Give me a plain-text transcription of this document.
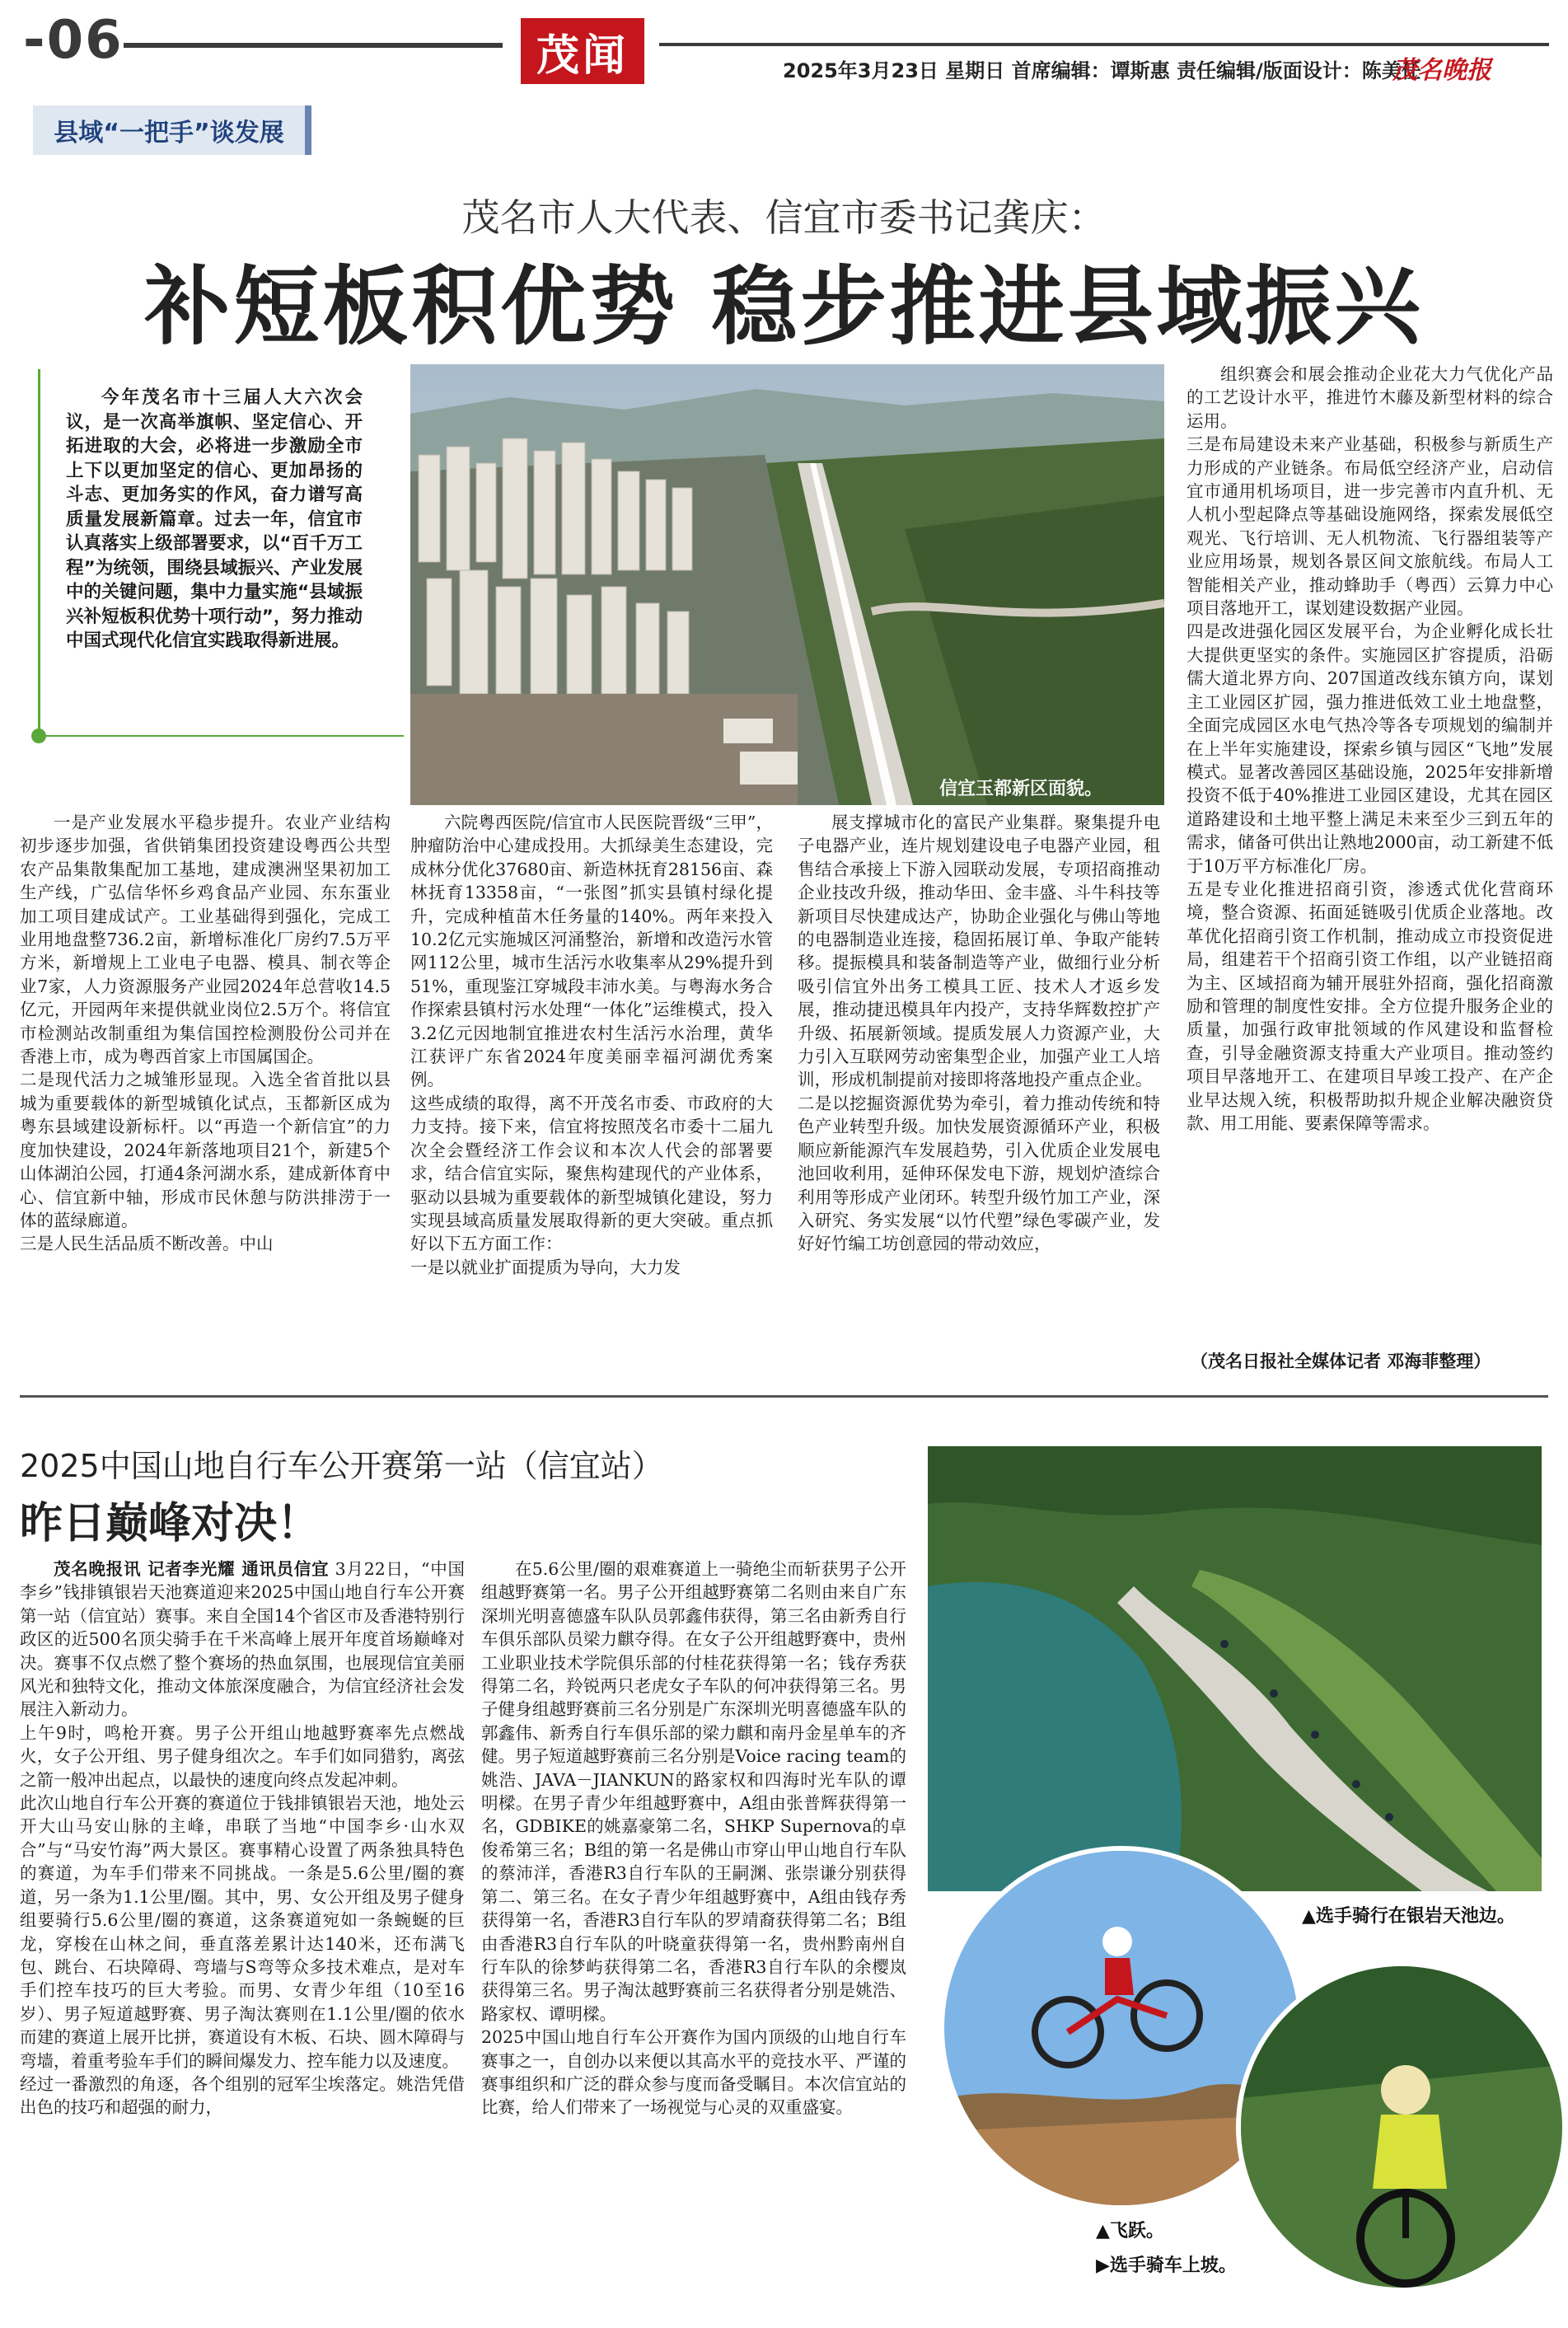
-06	茂闻	2025年3月23日 星期日 首席编辑：谭斯惠 责任编辑/版面设计：陈美任
茂名晚报
县域“一把手”谈发展
茂名市人大代表、信宜市委书记龚庆：
补短板积优势 稳步推进县域振兴
今年茂名市十三届人大六次会议，是一次高举旗帜、坚定信心、开拓进取的大会，必将进一步激励全市上下以更加坚定的信心、更加昂扬的斗志、更加务实的作风，奋力谱写高质量发展新篇章。过去一年，信宜市认真落实上级部署要求，以“百千万工程”为统领，围绕县域振兴、产业发展中的关键问题，集中力量实施“县域振兴补短板积优势十项行动”，努力推动中国式现代化信宜实践取得新进展。
信宜玉都新区面貌。
一是产业发展水平稳步提升。农业产业结构初步逐步加强，省供销集团投资建设粤西公共型农产品集散集配加工基地，建成澳洲坚果初加工生产线，广弘信华怀乡鸡食品产业园、东东蛋业加工项目建成试产。工业基础得到强化，完成工业用地盘整736.2亩，新增标准化厂房约7.5万平方米，新增规上工业电子电器、模具、制衣等企业7家，人力资源服务产业园2024年总营收14.5亿元，开园两年来提供就业岗位2.5万个。将信宜市检测站改制重组为集信国控检测股份公司并在香港上市，成为粤西首家上市国属国企。
二是现代活力之城雏形显现。入选全省首批以县城为重要载体的新型城镇化试点，玉都新区成为粤东县域建设新标杆。以“再造一个新信宜”的力度加快建设，2024年新落地项目21个，新建5个山体湖泊公园，打通4条河湖水系，建成新体育中心、信宜新中轴，形成市民休憩与防洪排涝于一体的蓝绿廊道。
三是人民生活品质不断改善。中山
六院粤西医院/信宜市人民医院晋级“三甲”，肿瘤防治中心建成投用。大抓绿美生态建设，完成林分优化37680亩、新造林抚育28156亩、森林抚育13358亩，“一张图”抓实县镇村绿化提升，完成种植苗木任务量的140%。两年来投入10.2亿元实施城区河涌整治，新增和改造污水管网112公里，城市生活污水收集率从29%提升到51%，重现鉴江穿城段丰沛水美。与粤海水务合作探索县镇村污水处理“一体化”运维模式，投入3.2亿元因地制宜推进农村生活污水治理，黄华江获评广东省2024年度美丽幸福河湖优秀案例。
这些成绩的取得，离不开茂名市委、市政府的大力支持。接下来，信宜将按照茂名市委十二届九次全会暨经济工作会议和本次人代会的部署要求，结合信宜实际，聚焦构建现代的产业体系，驱动以县城为重要载体的新型城镇化建设，努力实现县域高质量发展取得新的更大突破。重点抓好以下五方面工作：
一是以就业扩面提质为导向，大力发
展支撑城市化的富民产业集群。聚集提升电子电器产业，连片规划建设电子电器产业园，租售结合承接上下游入园联动发展，专项招商推动企业技改升级，推动华田、金丰盛、斗牛科技等新项目尽快建成达产，协助企业强化与佛山等地的电器制造业连接，稳固拓展订单、争取产能转移。提振模具和装备制造等产业，做细行业分析吸引信宜外出务工模具工匠、技术人才返乡发展，推动捷迅模具年内投产，支持华辉数控扩产升级、拓展新领域。提质发展人力资源产业，大力引入互联网劳动密集型企业，加强产业工人培训，形成机制提前对接即将落地投产重点企业。
二是以挖掘资源优势为牵引，着力推动传统和特色产业转型升级。加快发展资源循环产业，积极顺应新能源汽车发展趋势，引入优质企业发展电池回收利用，延伸环保发电下游，规划炉渣综合利用等形成产业闭环。转型升级竹加工产业，深入研究、务实发展“以竹代塑”绿色零碳产业，发好好竹编工坊创意园的带动效应，
组织赛会和展会推动企业花大力气优化产品的工艺设计水平，推进竹木藤及新型材料的综合运用。
三是布局建设未来产业基础，积极参与新质生产力形成的产业链条。布局低空经济产业，启动信宜市通用机场项目，进一步完善市内直升机、无人机小型起降点等基础设施网络，探索发展低空观光、飞行培训、无人机物流、飞行器组装等产业应用场景，规划各景区间文旅航线。布局人工智能相关产业，推动蜂助手（粤西）云算力中心项目落地开工，谋划建设数据产业园。
四是改进强化园区发展平台，为企业孵化成长壮大提供更坚实的条件。实施园区扩容提质，沿砺儒大道北界方向、207国道改线东镇方向，谋划主工业园区扩园，强力推进低效工业土地盘整，全面完成园区水电气热冷等各专项规划的编制并在上半年实施建设，探索乡镇与园区“飞地”发展模式。显著改善园区基础设施，2025年安排新增投资不低于40%推进工业园区建设，尤其在园区道路建设和土地平整上满足未来至少三到五年的需求，储备可供出让熟地2000亩，动工新建不低于10万平方标准化厂房。
五是专业化推进招商引资，渗透式优化营商环境，整合资源、拓面延链吸引优质企业落地。改革优化招商引资工作机制，推动成立市投资促进局，组建若干个招商引资工作组，以产业链招商为主、区域招商为辅开展驻外招商，强化招商激励和管理的制度性安排。全方位提升服务企业的质量，加强行政审批领域的作风建设和监督检查，引导金融资源支持重大产业项目。推动签约项目早落地开工、在建项目早竣工投产、在产企业早达规入统，积极帮助拟升规企业解决融资贷款、用工用能、要素保障等需求。
（茂名日报社全媒体记者 邓海菲整理）
2025中国山地自行车公开赛第一站（信宜站）
昨日巅峰对决！
茂名晚报讯 记者李光耀 通讯员信宜 3月22日，“中国李乡”钱排镇银岩天池赛道迎来2025中国山地自行车公开赛第一站（信宜站）赛事。来自全国14个省区市及香港特别行政区的近500名顶尖骑手在千米高峰上展开年度首场巅峰对决。赛事不仅点燃了整个赛场的热血氛围，也展现信宜美丽风光和独特文化，推动文体旅深度融合，为信宜经济社会发展注入新动力。
上午9时，鸣枪开赛。男子公开组山地越野赛率先点燃战火，女子公开组、男子健身组次之。车手们如同猎豹，离弦之箭一般冲出起点，以最快的速度向终点发起冲刺。
此次山地自行车公开赛的赛道位于钱排镇银岩天池，地处云开大山马安山脉的主峰，串联了当地“中国李乡·山水双合”与“马安竹海”两大景区。赛事精心设置了两条独具特色的赛道，为车手们带来不同挑战。一条是5.6公里/圈的赛道，另一条为1.1公里/圈。其中，男、女公开组及男子健身组要骑行5.6公里/圈的赛道，这条赛道宛如一条蜿蜒的巨龙，穿梭在山林之间，垂直落差累计达140米，还布满飞包、跳台、石块障碍、弯墙与S弯等众多技术难点，是对车手们控车技巧的巨大考验。而男、女青少年组（10至16岁）、男子短道越野赛、男子淘汰赛则在1.1公里/圈的依水而建的赛道上展开比拼，赛道设有木板、石块、圆木障碍与弯墙，着重考验车手们的瞬间爆发力、控车能力以及速度。
经过一番激烈的角逐，各个组别的冠军尘埃落定。姚浩凭借出色的技巧和超强的耐力，
在5.6公里/圈的艰难赛道上一骑绝尘而斩获男子公开组越野赛第一名。男子公开组越野赛第二名则由来自广东深圳光明喜德盛车队队员郭鑫伟获得，第三名由新秀自行车俱乐部队员梁力麒夺得。在女子公开组越野赛中，贵州工业职业技术学院俱乐部的付桂花获得第一名；钱存秀获得第二名，羚锐两只老虎女子车队的何冲获得第三名。男子健身组越野赛前三名分别是广东深圳光明喜德盛车队的郭鑫伟、新秀自行车俱乐部的梁力麒和南丹金星单车的齐健。男子短道越野赛前三名分别是Voice racing team的姚浩、JAVA－JIANKUN的路家权和四海时光车队的谭明樑。在男子青少年组越野赛中，A组由张普辉获得第一名，GDBIKE的姚嘉豪第二名，SHKP Supernova的卓俊希第三名；B组的第一名是佛山市穿山甲山地自行车队的蔡沛洋，香港R3自行车队的王嗣渊、张崇谦分别获得第二、第三名。在女子青少年组越野赛中，A组由钱存秀获得第一名，香港R3自行车队的罗靖裔获得第二名；B组由香港R3自行车队的叶晓童获得第一名，贵州黔南州自行车队的徐梦屿获得第二名，香港R3自行车队的余樱岚获得第三名。男子淘汰越野赛前三名获得者分别是姚浩、路家权、谭明樑。
2025中国山地自行车公开赛作为国内顶级的山地自行车赛事之一，自创办以来便以其高水平的竞技水平、严谨的赛事组织和广泛的群众参与度而备受瞩目。本次信宜站的比赛，给人们带来了一场视觉与心灵的双重盛宴。
▲选手骑行在银岩天池边。
▲飞跃。
▶选手骑车上坡。
